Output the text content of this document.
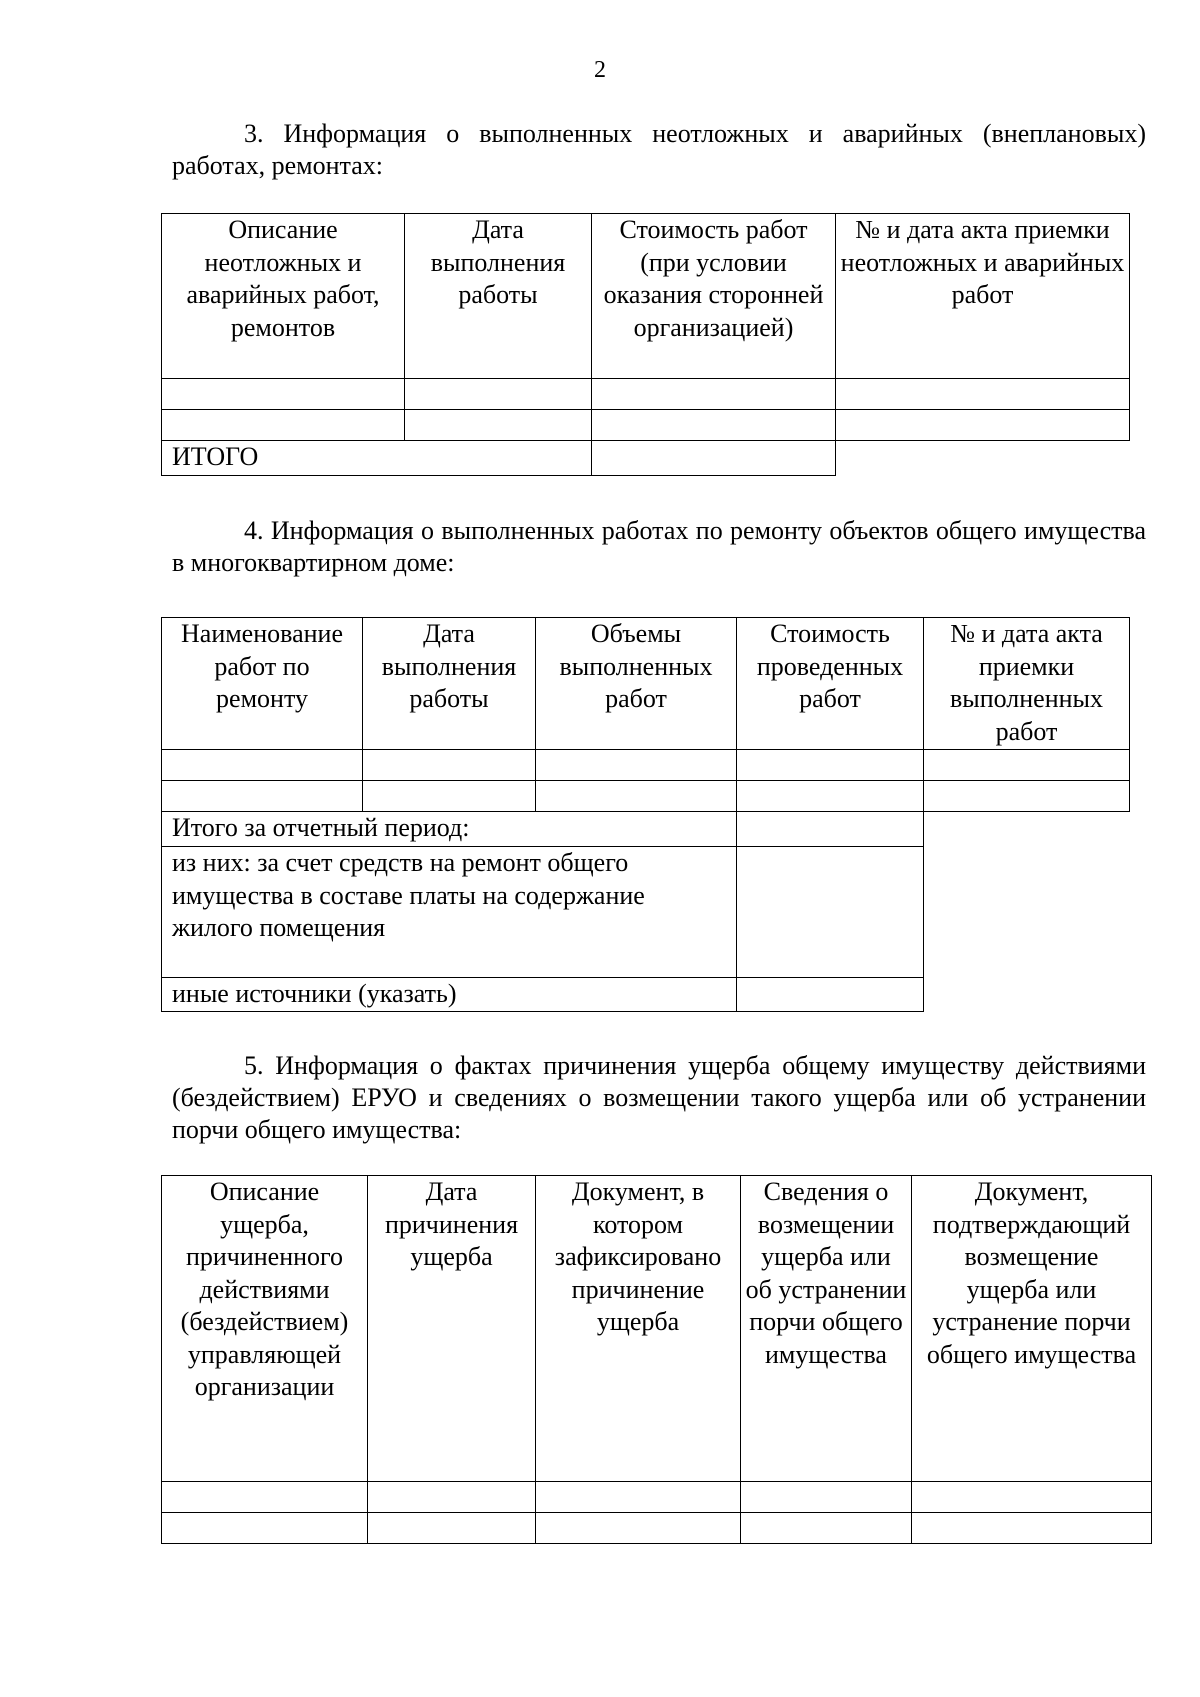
2
3. Информация о выполненных неотложных и аварийных (внеплановых) работах, ремонтах:
Описание неотложных и аварийных работ, ремонтов	Дата выполнения работы	Стоимость работ (при условии оказания сторонней организацией)	№ и дата акта приемки неотложных и аварийных работ

ИТОГО			
4. Информация о выполненных работах по ремонту объектов общего имущества в многоквартирном доме:
Наименование работ по ремонту	Дата выполнения работы	Объемы выполненных работ	Стоимость проведенных работ	№ и дата акта приемки выполненных работ

Итого за отчетный период:				
из них: за счет средств на ремонт общего имущества в составе платы на содержание жилого помещения				
иные источники (указать)				
5. Информация о фактах причинения ущерба общему имуществу действиями (бездействием) ЕРУО и сведениях о возмещении такого ущерба или об устранении порчи общего имущества:
Описание ущерба, причиненного действиями (бездействием) управляющей организации	Дата причинения ущерба	Документ, в котором зафиксировано причинение ущерба	Сведения о возмещении ущерба или об устранении порчи общего имущества	Документ, подтверждающий возмещение ущерба или устранение порчи общего имущества
